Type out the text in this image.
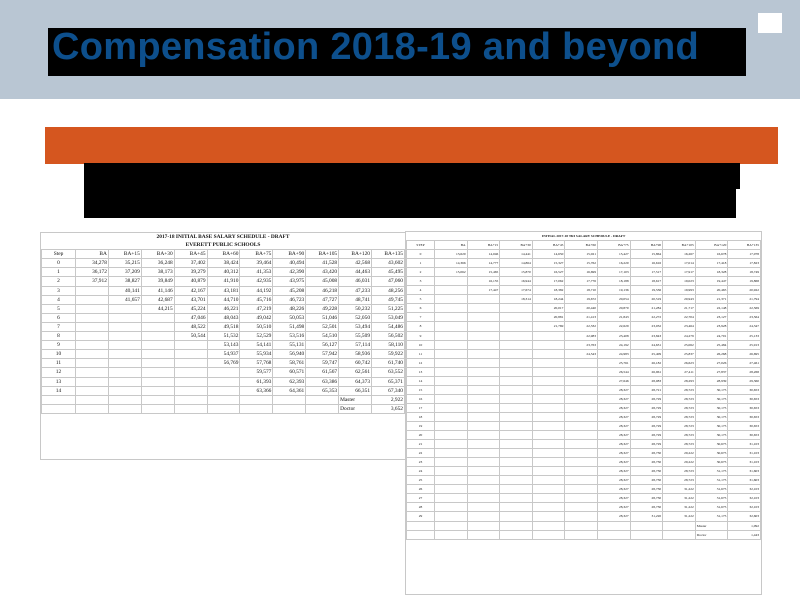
Compensation 2018-19 and beyond
2017-18 INITIAL BASE SALARY SCHEDULE - DRAFT										
EVERETT PUBLIC SCHOOLS										
Step	BA	BA+15	BA+30	BA+45	BA+60	BA+75	BA+90	BA+105	BA+120	BA+135
0	34,278	35,215	36,248	37,402	38,424	39,464	40,494	41,528	42,568	43,602
1	36,172	37,209	38,173	39,279	40,312	41,353	42,390	43,420	44,463	45,495
2	37,912	38,827	39,849	40,879	41,910	42,935	43,975	45,008	46,031	47,060
3		40,141	41,146	42,167	43,181	44,192	45,208	46,218	47,233	48,256
4		41,657	42,687	43,701	44,710	45,716	46,723	47,727	48,741	49,745
5			44,215	45,224	46,221	47,219	48,226	49,228	50,232	51,225
6				47,046	48,043	49,042	50,053	51,046	52,050	53,049
7				48,522	49,518	50,510	51,498	52,501	53,494	54,486
8				50,544	51,532	52,529	53,516	54,510	55,509	56,502
9					53,143	54,141	55,131	56,127	57,114	58,110
10					54,937	55,934	56,940	57,942	58,936	59,922
11					56,769	57,768	58,761	59,747	60,742	61,740
12						59,577	60,571	61,567	62,561	63,552
13						61,393	62,393	63,386	64,373	65,371
14						63,366	64,361	65,353	66,351	67,340
									Master	2,922
									Doctor	3,652
INITIAL 2017-18 TRI SALARY SCHEDULE - DRAFT										
STEP	BA	BA+15	BA+30	BA+45	BA+60	BA+75	BA+90	BA+105	BA+120	BA+135
0	13,620	14,046	14,441	14,650	15,021	15,427	15,864	16,267	16,678	17,078
1	14,366	14,777	14,864	15,327	15,762	16,220	16,616	17,014	17,418	17,823
2	15,062	15,465	15,870	16,527	16,699	17,103	17,517	17,917	18,328	18,749
3		16,155	16,944	17,062	17,776	18,188	18,617	19,023	19,447	19,868
4		17,447	17,674	18,382	18,710	19,136	19,536	19,993	20,465	20,922
5			18,314	18,244	19,672	20,054	20,519	20,943	21,371	21,794
6				20,017	20,440	20,870	21,284	21,717	22,148	22,569
7				20,881	21,413	21,843	22,272	22,704	23,127	23,564
8				21,769	22,332	22,629	23,032	23,464	23,928	24,347
9					22,983	23,408	23,843	24,279	24,701	25,133
10					23,763	24,192	24,631	25,062	25,484	25,913
11					24,543	24,983	25,409	25,837	26,268	26,695
12						25,761	26,182	26,623	27,026	27,461
13						26,544	26,961	27,411	27,837	28,268
14						27,646	28,083	28,293	28,939	29,360
15						28,327	28,721	28,723	30,175	30,653
16						28,327	28,729	28,723	30,175	30,653
17						28,327	28,729	28,723	30,175	30,653
18						28,327	28,729	28,723	30,175	30,653
19						28,327	28,729	28,723	30,175	30,653
20						28,327	28,729	28,723	30,175	30,653
21						28,327	28,729	28,723	30,675	31,103
22						28,327	28,730	29,222	30,675	31,103
23						28,327	28,730	29,222	30,675	31,103
24						28,327	28,730	28,723	31,175	31,603
25						28,327	28,730	28,723	31,175	31,603
26						28,327	28,730	31,222	31,675	32,103
27						28,327	28,730	31,222	31,675	32,103
28						28,327	28,730	31,222	31,675	32,103
29						28,327	31,220	31,222	31,175	32,603
									Master	1,092
									Doctor	1,443
